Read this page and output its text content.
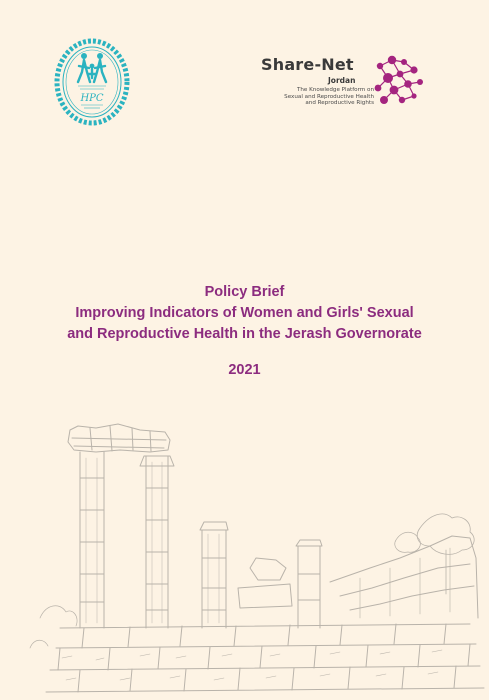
HPC
Share-Net
Jordan
The Knowledge Platform on
Sexual and Reproductive Health
and Reproductive Rights
Policy Brief
Improving Indicators of Women and Girls' Sexual
and Reproductive Health in the Jerash Governorate
2021
